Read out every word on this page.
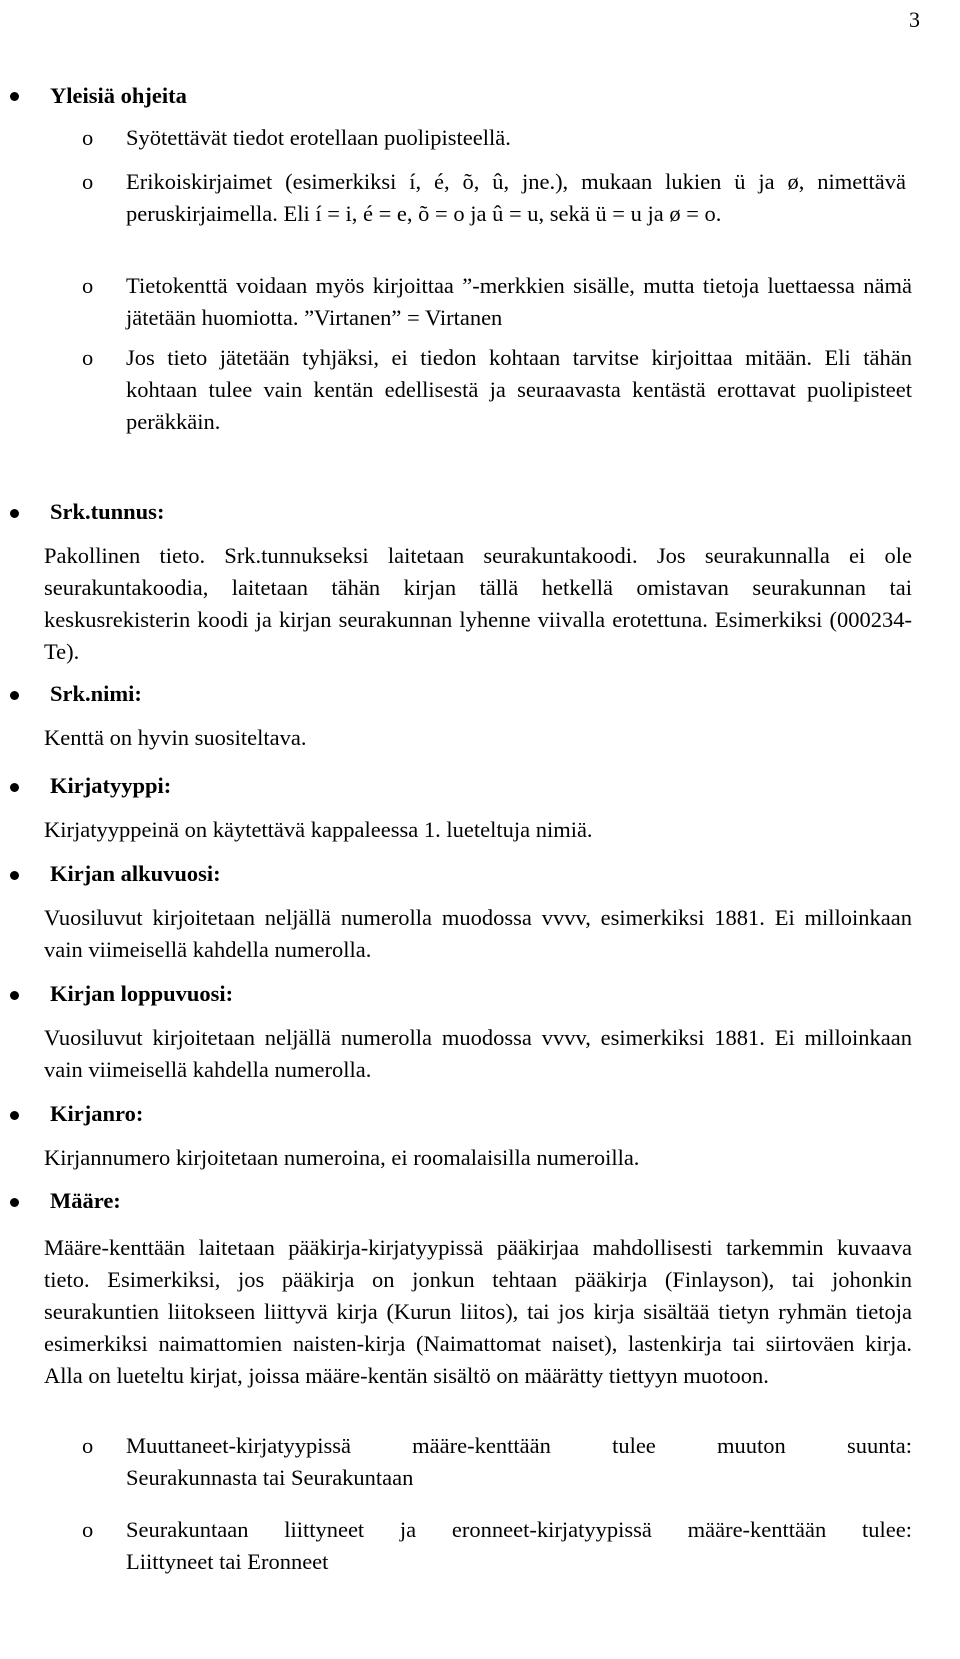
3
Yleisiä ohjeita
o Syötettävät tiedot erotellaan puolipisteellä.
o Erikoiskirjaimet (esimerkiksi í, é, õ, û, jne.), mukaan lukien ü ja ø, nimettävä peruskirjaimella. Eli í = i, é = e, õ = o ja û = u, sekä ü = u ja ø = o.
o Tietokenttä voidaan myös kirjoittaa ”-merkkien sisälle, mutta tietoja luettaessa nämä jätetään huomiotta. ”Virtanen” = Virtanen
o Jos tieto jätetään tyhjäksi, ei tiedon kohtaan tarvitse kirjoittaa mitään. Eli tähän kohtaan tulee vain kentän edellisestä ja seuraavasta kentästä erottavat puolipisteet peräkkäin.
Srk.tunnus:
Pakollinen tieto. Srk.tunnukseksi laitetaan seurakuntakoodi. Jos seurakunnalla ei ole seurakuntakoodia, laitetaan tähän kirjan tällä hetkellä omistavan seurakunnan tai keskusrekisterin koodi ja kirjan seurakunnan lyhenne viivalla erotettuna. Esimerkiksi (000234-Te).
Srk.nimi:
Kenttä on hyvin suositeltava.
Kirjatyyppi:
Kirjatyyppeinä on käytettävä kappaleessa 1. lueteltuja nimiä.
Kirjan alkuvuosi:
Vuosiluvut kirjoitetaan neljällä numerolla muodossa vvvv, esimerkiksi 1881. Ei milloinkaan vain viimeisellä kahdella numerolla.
Kirjan loppuvuosi:
Vuosiluvut kirjoitetaan neljällä numerolla muodossa vvvv, esimerkiksi 1881. Ei milloinkaan vain viimeisellä kahdella numerolla.
Kirjanro:
Kirjannumero kirjoitetaan numeroina, ei roomalaisilla numeroilla.
Määre:
Määre-kenttään laitetaan pääkirja-kirjatyypissä pääkirjaa mahdollisesti tarkemmin kuvaava tieto. Esimerkiksi, jos pääkirja on jonkun tehtaan pääkirja (Finlayson), tai johonkin seurakuntien liitokseen liittyvä kirja (Kurun liitos), tai jos kirja sisältää tietyn ryhmän tietoja esimerkiksi naimattomien naisten-kirja (Naimattomat naiset), lastenkirja tai siirtoväen kirja. Alla on lueteltu kirjat, joissa määre-kentän sisältö on määrätty tiettyyn muotoon.
o Muuttaneet-kirjatyypissä määre-kenttään tulee muuton suunta:
Seurakunnasta tai Seurakuntaan
o Seurakuntaan liittyneet ja eronneet-kirjatyypissä määre-kenttään tulee:
Liittyneet tai Eronneet
